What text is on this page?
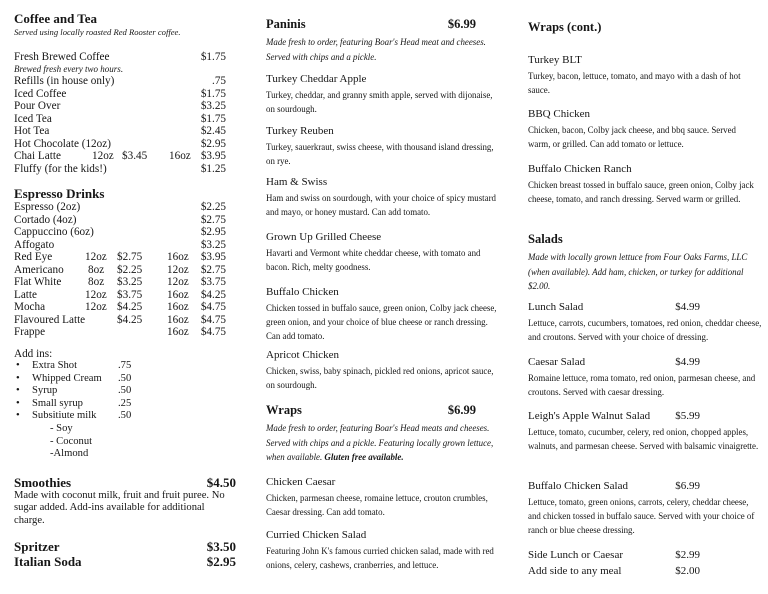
Coffee and Tea
Served using locally roasted Red Rooster coffee.
Fresh Brewed Coffee	$1.75
Brewed fresh every two hours.
Refills (in house only)	.75
Iced Coffee	$1.75
Pour Over	$3.25
Iced Tea	$1.75
Hot Tea	$2.45
Hot Chocolate (12oz)	$2.95
Chai Latte	12oz $3.45 16oz $3.95
Fluffy (for the kids!)	$1.25
Espresso Drinks
Espresso (2oz)	$2.25
Cortado (4oz)	$2.75
Cappuccino (6oz)	$2.95
Affogato	$3.25
Red Eye	12oz $2.75 16oz $3.95
Americano 8oz $2.25 12oz $2.75
Flat White 8oz $3.25 12oz $3.75
Latte	12oz $3.75 16oz $4.25
Mocha	12oz $4.25 16oz $4.75
Flavoured Latte	$4.25 16oz $4.75
Frappe	16oz $4.75
Add ins:
• Extra Shot	.75
• Whipped Cream .50
• Syrup	.50
• Small syrup	.25
• Subsitiute milk .50
- Soy
- Coconut
-Almond
Smoothies	$4.50
Made with coconut milk, fruit and fruit puree. No sugar added. Add-ins available for additional charge.
Spritzer	$3.50
Italian Soda	$2.95
Paninis	$6.99
Made fresh to order, featuring Boar's Head meat and cheeses. Served with chips and a pickle.
Turkey Cheddar Apple
Turkey, cheddar, and granny smith apple, served with dijonaise, on sourdough.
Turkey Reuben
Turkey, sauerkraut, swiss cheese, with thousand island dressing, on rye.
Ham & Swiss
Ham and swiss on sourdough, with your choice of spicy mustard and mayo, or honey mustard. Can add tomato.
Grown Up Grilled Cheese
Havarti and Vermont white cheddar cheese, with tomato and bacon. Rich, melty goodness.
Buffalo Chicken
Chicken tossed in buffalo sauce, green onion, Colby jack cheese, green onion, and your choice of blue cheese or ranch dressing. Can add tomato.
Apricot Chicken
Chicken, swiss, baby spinach, pickled red onions, apricot sauce, on sourdough.
Wraps	$6.99
Made fresh to order, featuring Boar's Head meats and cheeses. Served with chips and a pickle. Featuring locally grown lettuce, when available. Gluten free available.
Chicken Caesar
Chicken, parmesan cheese, romaine lettuce, crouton crumbles, Caesar dressing. Can add tomato.
Curried Chicken Salad
Featuring John K's famous curried chicken salad, made with red onions, celery, cashews, cranberries, and lettuce.
Wraps (cont.)
Turkey BLT
Turkey, bacon, lettuce, tomato, and mayo with a dash of hot sauce.
BBQ Chicken
Chicken, bacon, Colby jack cheese, and bbq sauce. Served warm, or grilled. Can add tomato or lettuce.
Buffalo Chicken Ranch
Chicken breast tossed in buffalo sauce, green onion, Colby jack cheese, tomato, and ranch dressing. Served warm or grilled.
Salads
Made with locally grown lettuce from Four Oaks Farms, LLC (when available). Add ham, chicken, or turkey for additional $2.00.
Lunch Salad	$4.99
Lettuce, carrots, cucumbers, tomatoes, red onion, cheddar cheese, and croutons. Served with your choice of dressing.
Caesar Salad	$4.99
Romaine lettuce, roma tomato, red onion, parmesan cheese, and croutons. Served with caesar dressing.
Leigh's Apple Walnut Salad $5.99
Lettuce, tomato, cucumber, celery, red onion, chopped apples, walnuts, and parmesan cheese. Served with balsamic vinaigrette.
Buffalo Chicken Salad	$6.99
Lettuce, tomato, green onions, carrots, celery, cheddar cheese, and chicken tossed in buffalo sauce. Served with your choice of ranch or blue cheese dressing.
Side Lunch or Caesar	$2.99
Add side to any meal	$2.00
